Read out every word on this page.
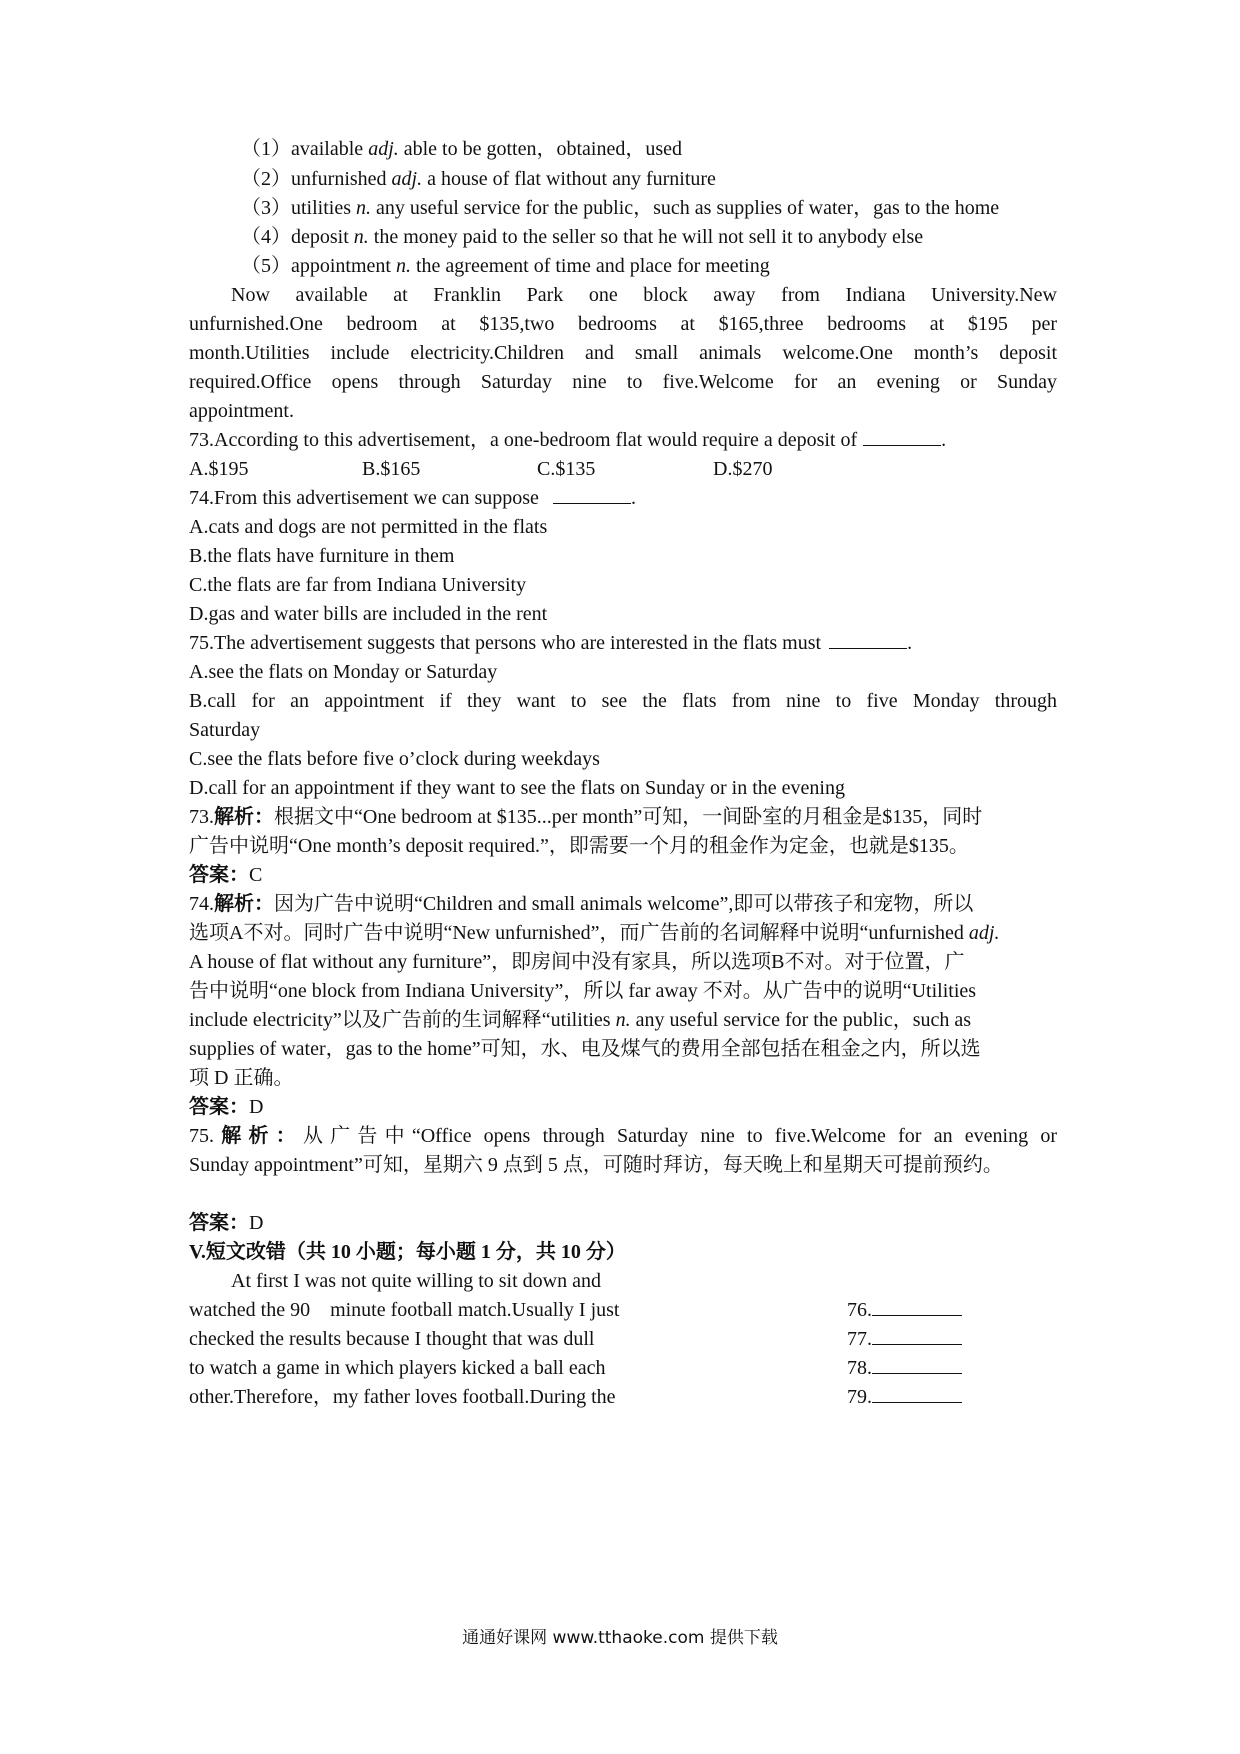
（1）available adj. able to be gotten，obtained，used
（2）unfurnished adj. a house of flat without any furniture
（3）utilities n. any useful service for the public，such as supplies of water，gas to the home
（4）deposit n. the money paid to the seller so that he will not sell it to anybody else
（5）appointment n. the agreement of time and place for meeting
Now available at Franklin Park one block away from Indiana University.New
unfurnished.One bedroom at $135,two bedrooms at $165,three bedrooms at $195 per
month.Utilities include electricity.Children and small animals welcome.One month’s deposit
required.Office opens through Saturday nine to five.Welcome for an evening or Sunday
appointment.
73.According to this advertisement，a one-bedroom flat would require a deposit of	.
A.$195	B.$165	C.$135	D.$270
74.From this advertisement we can suppose	.
A.cats and dogs are not permitted in the flats
B.the flats have furniture in them
C.the flats are far from Indiana University
D.gas and water bills are included in the rent
75.The advertisement suggests that persons who are interested in the flats must	.
A.see the flats on Monday or Saturday
B.call for an appointment if they want to see the flats from nine to five Monday through
Saturday
C.see the flats before five o’clock during weekdays
D.call for an appointment if they want to see the flats on Sunday or in the evening
73.解析：根据文中“One bedroom at $135...per month”可知，一间卧室的月租金是$135，同时
广告中说明“One month’s deposit required.”，即需要一个月的租金作为定金，也就是$135。
答案：C
74.解析：因为广告中说明“Children and small animals welcome”,即可以带孩子和宠物，所以
选项A不对。同时广告中说明“New unfurnished”，而广告前的名词解释中说明“unfurnished adj.
A house of flat without any furniture”，即房间中没有家具，所以选项B不对。对于位置，广
告中说明“one block from Indiana University”，所以 far away 不对。从广告中的说明“Utilities
include electricity”以及广告前的生词解释“utilities n. any useful service for the public，such as
supplies of water，gas to the home”可知，水、电及煤气的费用全部包括在租金之内，所以选
项 D 正确。
答案：D
75.解析：从广告中“Office opens through Saturday nine to five.Welcome for an evening or
Sunday appointment”可知，星期六 9 点到 5 点，可随时拜访，每天晚上和星期天可提前预约。
答案：D
V.短文改错（共 10 小题；每小题 1 分，共 10 分）
At first I was not quite willing to sit down and
watched the 90    minute football match.Usually I just
checked the results because I thought that was dull
to watch a game in which players kicked a ball each
other.Therefore，my father loves football.During the
76.
77.
78.
79.
通通好课网 www.tthaoke.com 提供下载
